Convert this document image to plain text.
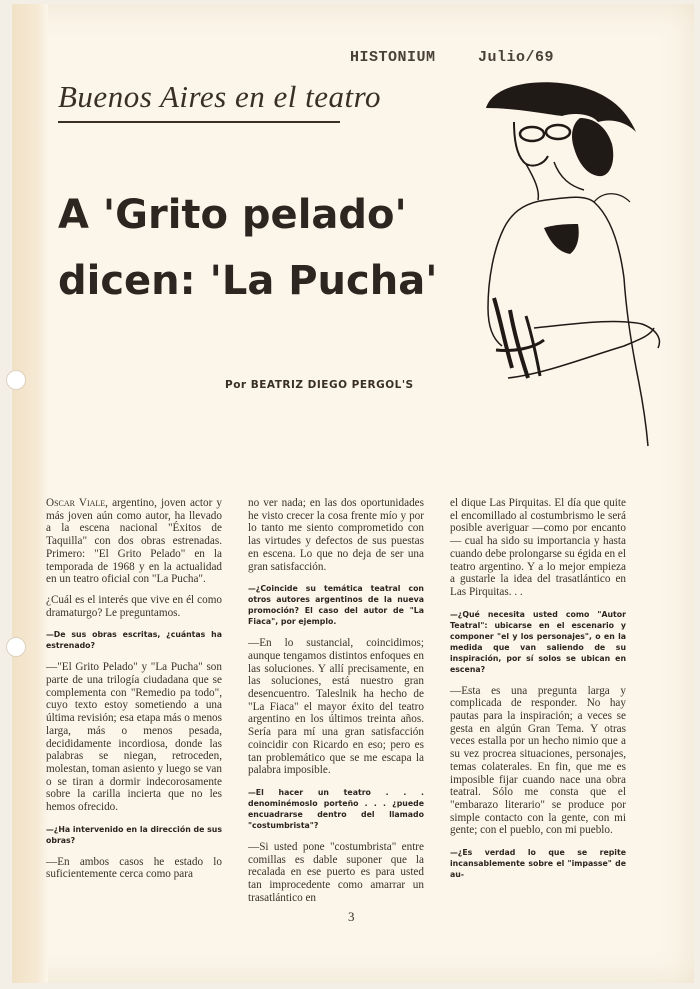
HISTONIUM	Julio/69
Buenos Aires en el teatro
A 'Grito pelado'
dicen: 'La Pucha'
Por BEATRIZ DIEGO PERGOL'S

Oscar Viale, argentino, joven actor y más joven aún como autor, ha llevado a la escena nacional "Éxitos de Taquilla" con dos obras estrenadas. Primero: "El Grito Pelado" en la temporada de 1968 y en la actualidad en un teatro oficial con "La Pucha".

¿Cuál es el interés que vive en él como dramaturgo? Le preguntamos.

—De sus obras escritas, ¿cuántas ha estrenado?

—"El Grito Pelado" y "La Pucha" son parte de una trilogía ciudadana que se complementa con "Remedio pa todo", cuyo texto estoy sometiendo a una última revisión; esa etapa más o menos larga, más o menos pesada, decididamente incordiosa, donde las palabras se niegan, retroceden, molestan, toman asiento y luego se van o se tiran a dormir indecorosamente sobre la carilla incierta que no les hemos ofrecido.

—¿Ha intervenido en la dirección de sus obras?

—En ambos casos he estado lo suficientemente cerca como para

no ver nada; en las dos oportunidades he visto crecer la cosa frente mío y por lo tanto me siento comprometido con las virtudes y defectos de sus puestas en escena. Lo que no deja de ser una gran satisfacción.

—¿Coincide su temática teatral con otros autores argentinos de la nueva promoción? El caso del autor de "La Fiaca", por ejemplo.

—En lo sustancial, coincidimos; aunque tengamos distintos enfoques en las soluciones. Y allí precisamente, en las soluciones, está nuestro gran desencuentro. Taleslnik ha hecho de "La Fiaca" el mayor éxito del teatro argentino en los últimos treinta años. Sería para mí una gran satisfacción coincidir con Ricardo en eso; pero es tan problemático que se me escapa la palabra imposible.

—El hacer un teatro . . . denominémoslo porteño . . . ¿puede encuadrarse dentro del llamado "costumbrista"?

—Si usted pone "costumbrista" entre comillas es dable suponer que la recalada en ese puerto es para usted tan improcedente como amarrar un trasatlántico en

el dique Las Pirquitas. El día que quite el encomillado al costumbrismo le será posible averiguar —como por encanto— cual ha sido su importancia y hasta cuando debe prolongarse su égida en el teatro argentino. Y a lo mejor empieza a gustarle la idea del trasatlántico en Las Pirquitas. . .

—¿Qué necesita usted como "Autor Teatral": ubicarse en el escenario y componer "el y los personajes", o en la medida que van saliendo de su inspiración, por sí solos se ubican en escena?

—Esta es una pregunta larga y complicada de responder. No hay pautas para la inspiración; a veces se gesta en algún Gran Tema. Y otras veces estalla por un hecho nimio que a su vez procrea situaciones, personajes, temas colaterales. En fin, que me es imposible fijar cuando nace una obra teatral. Sólo me consta que el "embarazo literario" se produce por simple contacto con la gente, con mi gente; con el pueblo, con mi pueblo.

—¿Es verdad lo que se repite incansablemente sobre el "impasse" de au-

3
